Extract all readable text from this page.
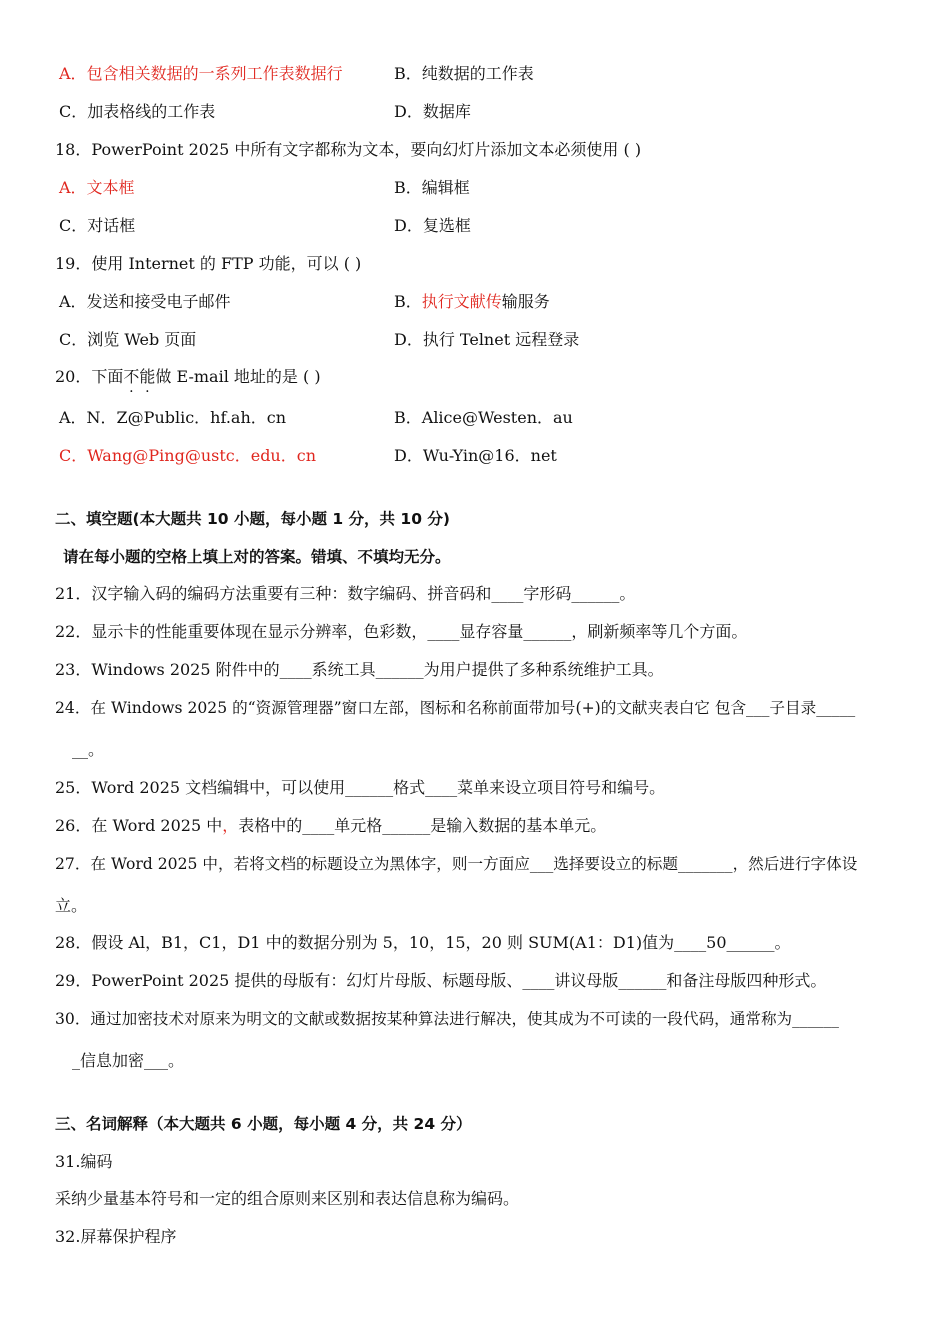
A．包含相关数据的一系列工作表数据行	B．纯数据的工作表
C．加表格线的工作表	D．数据库
18．PowerPoint 2025 中所有文字都称为文本，要向幻灯片添加文本必须使用 ( )
A．文本框	B．编辑框
C．对话框	D．复选框
19．使用 Internet 的 FTP 功能，可以 ( )
A．发送和接受电子邮件	B．执行文献传输服务
C．浏览 Web 页面	D．执行 Telnet 远程登录
20．下面不能做 E-mail 地址的是 ( )
A．N．Z@Public．hf.ah．cn	B．Alice@Westen．au
C．Wang@Ping@ustc．edu．cn	D．Wu-Yin@16．net
二、填空题(本大题共 10 小题，每小题 1 分，共 10 分)
请在每小题的空格上填上对的答案。错填、不填均无分。
21．汉字输入码的编码方法重要有三种：数字编码、拼音码和____字形码______。
22．显示卡的性能重要体现在显示分辨率，色彩数，____显存容量______，刷新频率等几个方面。
23．Windows 2025 附件中的____系统工具______为用户提供了多种系统维护工具。
24．在 Windows 2025 的“资源管理器”窗口左部，图标和名称前面带加号(+)的文献夹表白它 包含___子目录_____
__。
25．Word 2025 文档编辑中，可以使用______格式____菜单来设立项目符号和编号。
26．在 Word 2025 中，表格中的____单元格______是输入数据的基本单元。
27．在 Word 2025 中，若将文档的标题设立为黑体字，则一方面应___选择要设立的标题_______，然后进行字体设
立。
28．假设 Al，B1，C1，D1 中的数据分别为 5，10，15，20 则 SUM(A1：D1)值为____50______。
29．PowerPoint 2025 提供的母版有：幻灯片母版、标题母版、____讲议母版______和备注母版四种形式。
30．通过加密技术对原来为明文的文献或数据按某种算法进行解决，使其成为不可读的一段代码，通常称为______
_信息加密___。
三、名词解释（本大题共 6 小题，每小题 4 分，共 24 分）
31.编码
采纳少量基本符号和一定的组合原则来区别和表达信息称为编码。
32.屏幕保护程序
